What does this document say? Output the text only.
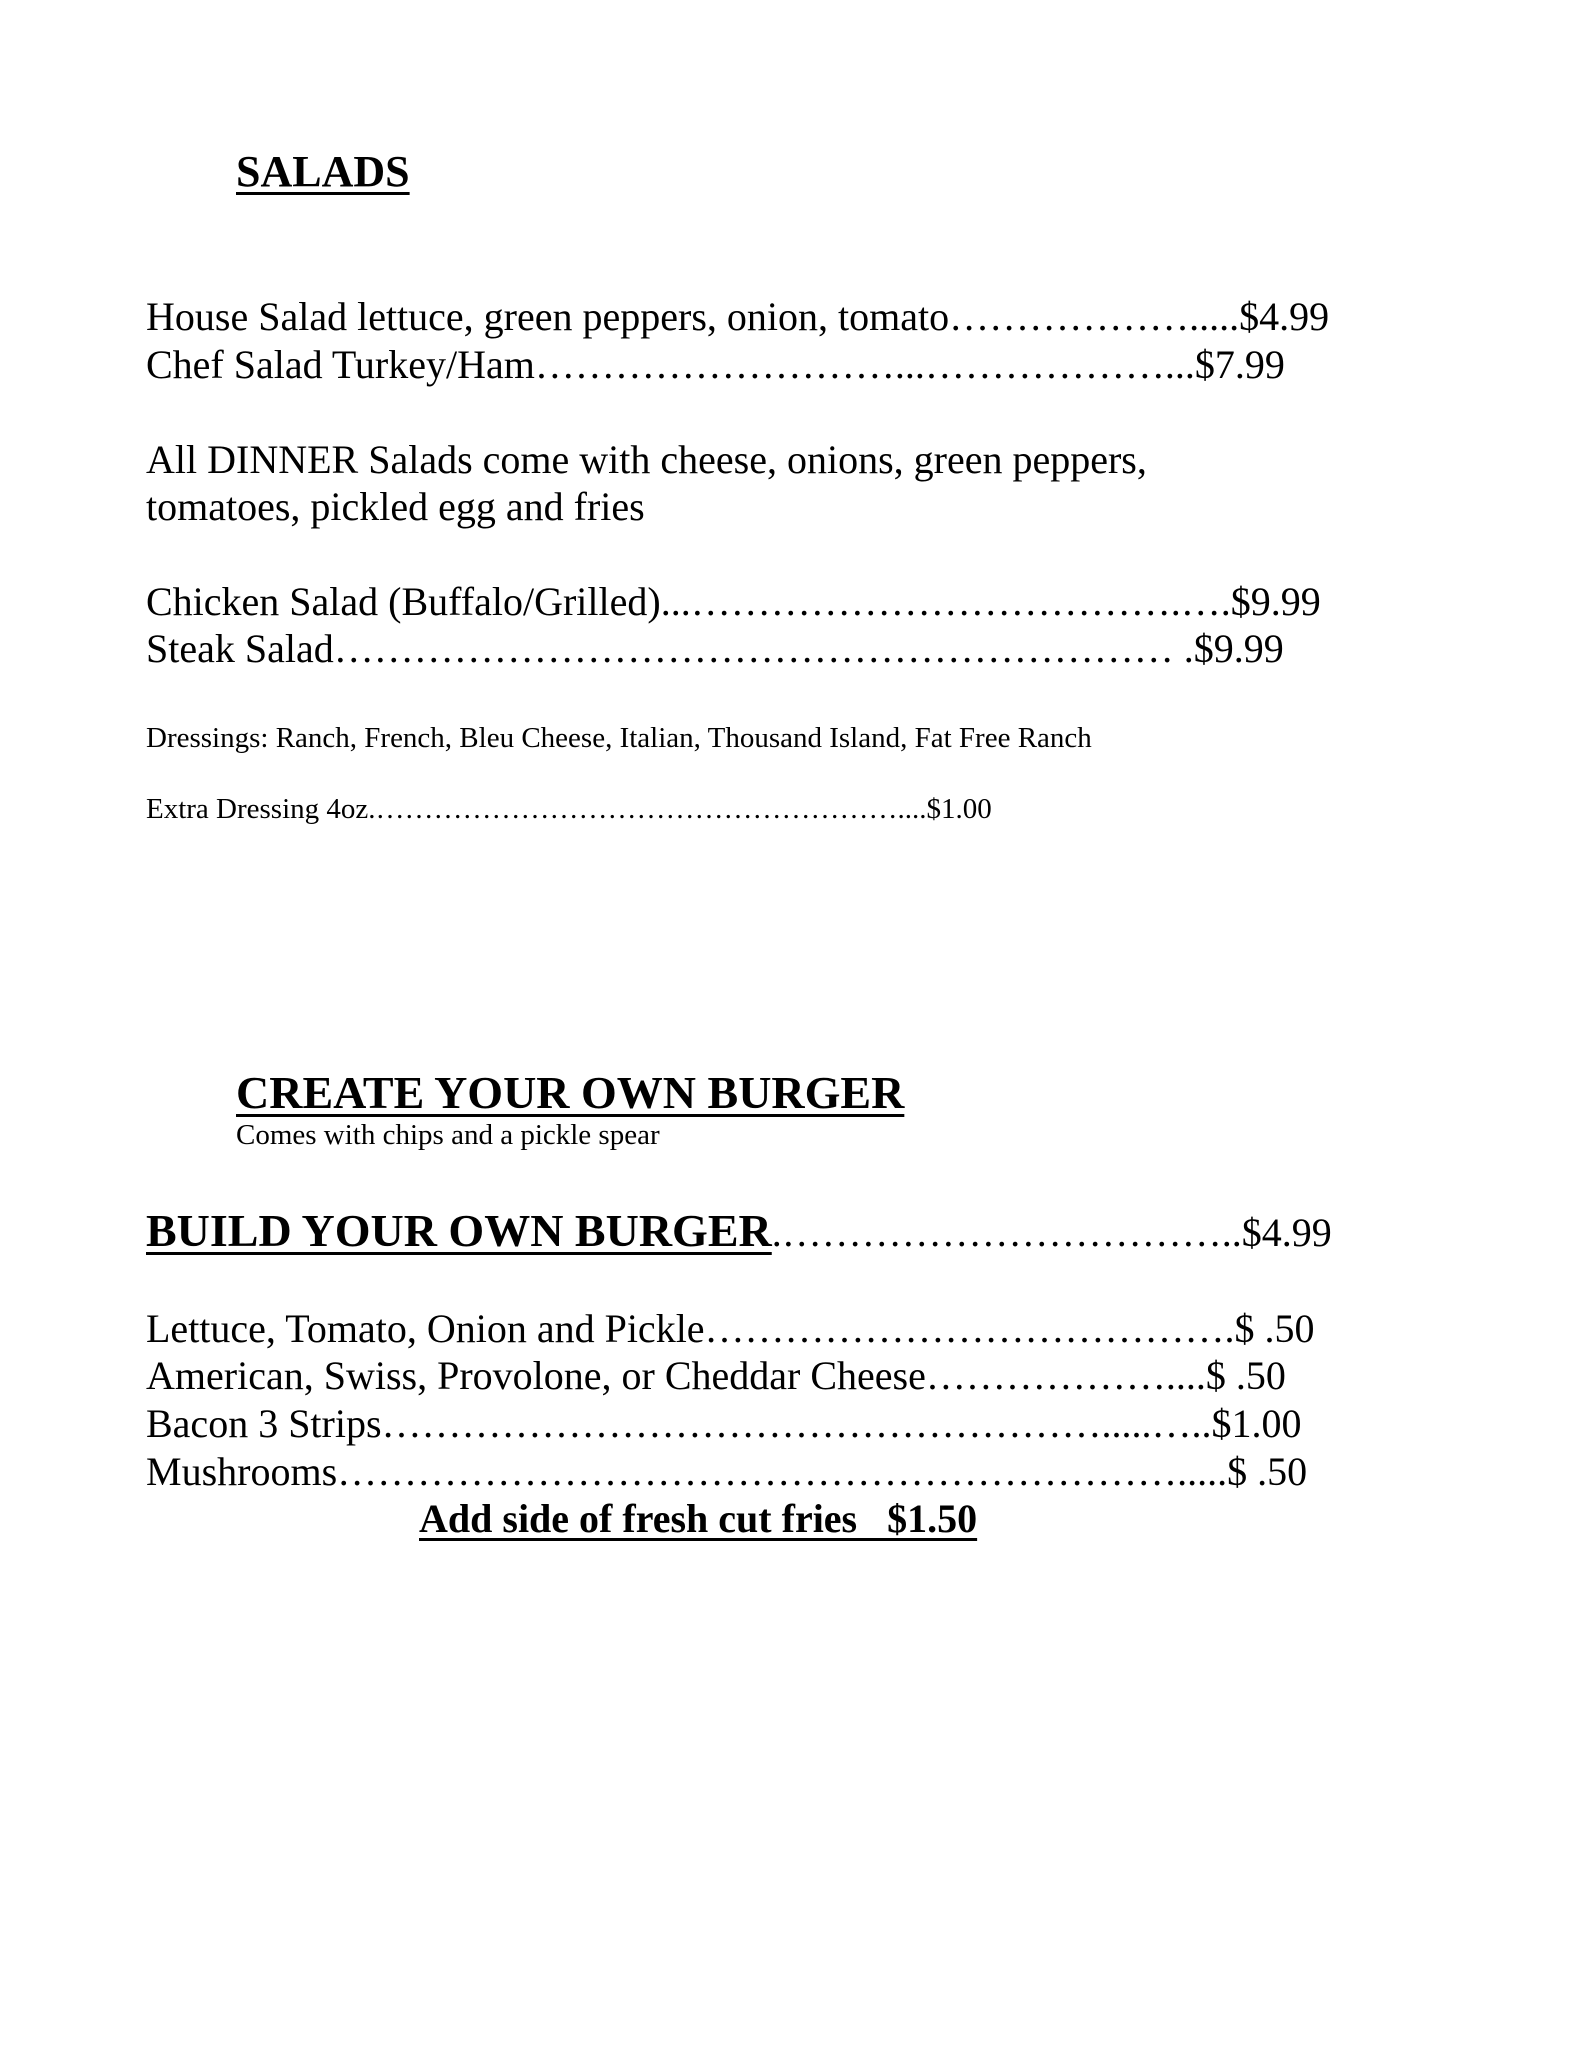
SALADS
House Salad lettuce, green peppers, onion, tomato……………….....$4.99
Chef Salad Turkey/Ham………………………...………………...$7.99
All DINNER Salads come with cheese, onions, green peppers,
tomatoes, pickled egg and fries
Chicken Salad (Buffalo/Grilled)...……………………………….….$9.99
Steak Salad……………………………………………………… .$9.99
Dressings: Ranch, French, Bleu Cheese, Italian, Thousand Island, Fat Free Ranch
Extra Dressing 4oz.………………………………………………....$1.00
CREATE YOUR OWN BURGER
Comes with chips and a pickle spear
BUILD YOUR OWN BURGER.……………………………..$4.99
Lettuce, Tomato, Onion and Pickle………………………………….$ .50
American, Swiss, Provolone, or Cheddar Cheese………………....$ .50
Bacon 3 Strips……………………………………………….....…..$1.00
Mushrooms……………………………………………………….....$ .50
Add side of fresh cut fries   $1.50
